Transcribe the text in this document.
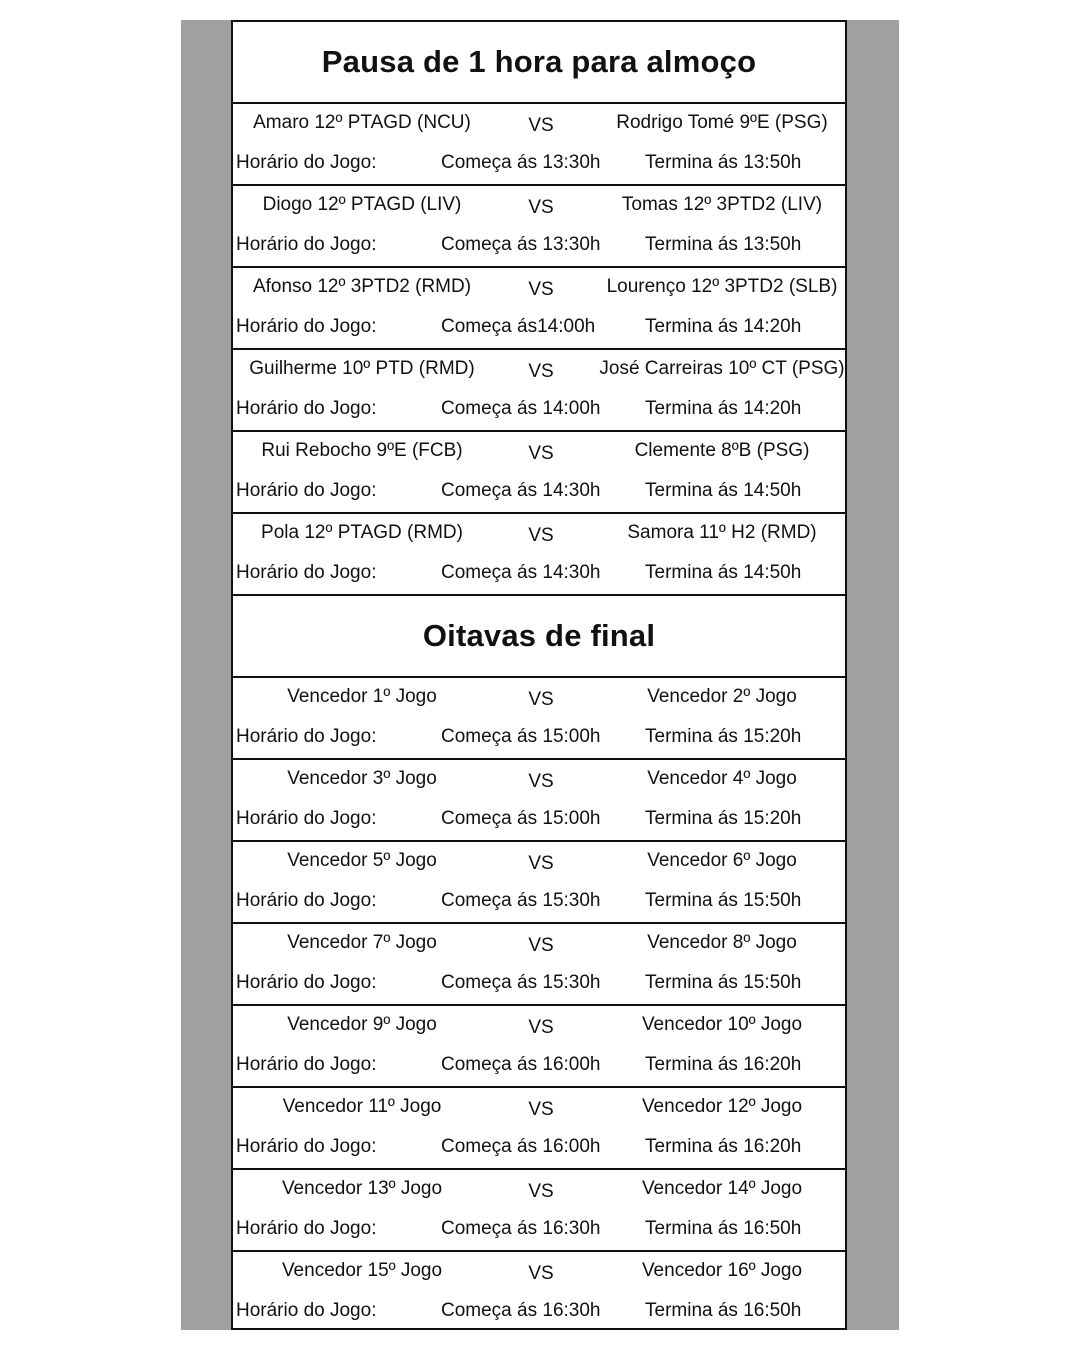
Pausa de 1 hora para almoço
Amaro 12º PTAGD (NCU)	VS	Rodrigo Tomé 9ºE (PSG)
Horário do Jogo:	Começa ás 13:30h Termina ás 13:50h
Diogo 12º PTAGD (LIV)	VS	Tomas 12º 3PTD2 (LIV)
Horário do Jogo:	Começa ás 13:30h Termina ás 13:50h
Afonso 12º 3PTD2 (RMD)	VS	Lourenço 12º 3PTD2 (SLB)
Horário do Jogo:	Começa ás14:00h	Termina ás 14:20h
Guilherme 10º PTD (RMD)	VS	José Carreiras 10º CT (PSG)
Horário do Jogo:	Começa ás 14:00h Termina ás 14:20h
Rui Rebocho 9ºE (FCB)	VS	Clemente 8ºB (PSG)
Horário do Jogo:	Começa ás 14:30h Termina ás 14:50h
Pola 12º PTAGD (RMD)	VS	Samora 11º H2 (RMD)
Horário do Jogo:	Começa ás 14:30h Termina ás 14:50h
Oitavas de final
Vencedor 1º Jogo	VS	Vencedor 2º Jogo
Horário do Jogo:	Começa ás 15:00h Termina ás 15:20h
Vencedor 3º Jogo	VS	Vencedor 4º Jogo
Horário do Jogo:	Começa ás 15:00h Termina ás 15:20h
Vencedor 5º Jogo	VS	Vencedor 6º Jogo
Horário do Jogo:	Começa ás 15:30h Termina ás 15:50h
Vencedor 7º Jogo	VS	Vencedor 8º Jogo
Horário do Jogo:	Começa ás 15:30h Termina ás 15:50h
Vencedor 9º Jogo	VS	Vencedor 10º Jogo
Horário do Jogo:	Começa ás 16:00h Termina ás 16:20h
Vencedor 11º Jogo	VS	Vencedor 12º Jogo
Horário do Jogo:	Começa ás 16:00h Termina ás 16:20h
Vencedor 13º Jogo	VS	Vencedor 14º Jogo
Horário do Jogo:	Começa ás 16:30h Termina ás 16:50h
Vencedor 15º Jogo	VS	Vencedor 16º Jogo
Horário do Jogo:	Começa ás 16:30h Termina ás 16:50h
